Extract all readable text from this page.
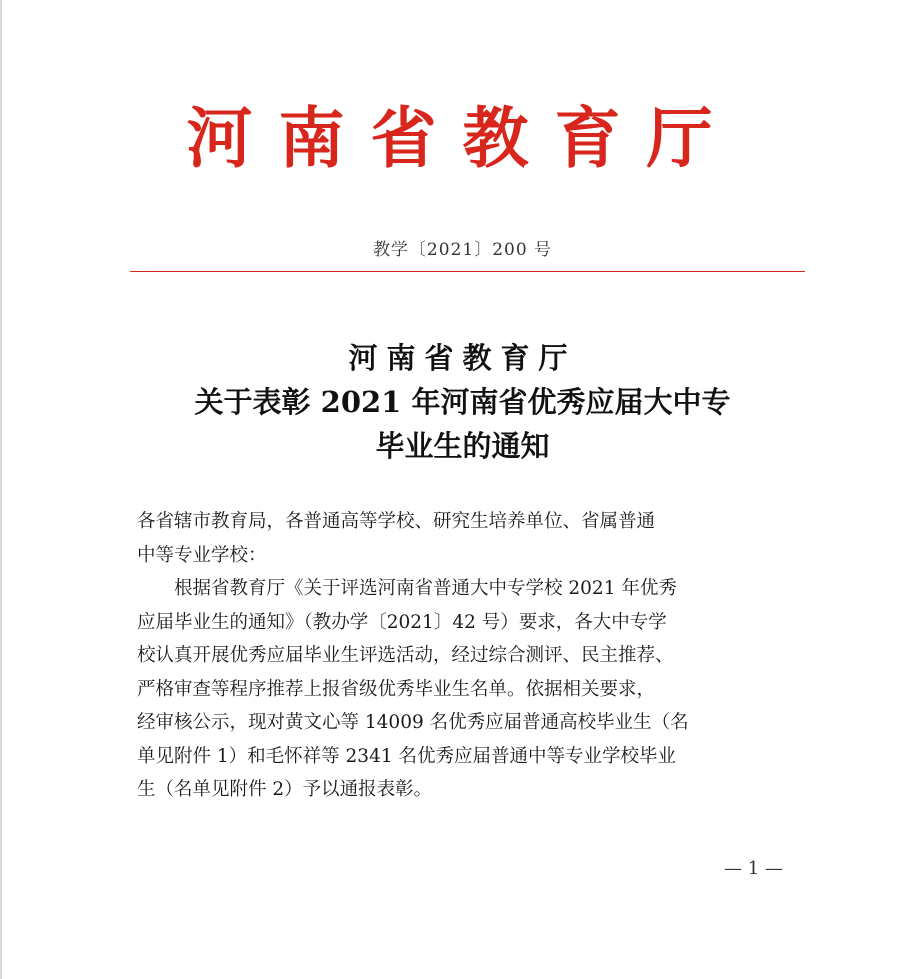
河南省教育厅
教学〔2021〕200 号
河南省教育厅
关于表彰 2021 年河南省优秀应届大中专
毕业生的通知
各省辖市教育局，各普通高等学校、研究生培养单位、省属普通
中等专业学校：
根据省教育厅《关于评选河南省普通大中专学校 2021 年优秀
应届毕业生的通知》（教办学〔2021〕42 号）要求，各大中专学
校认真开展优秀应届毕业生评选活动，经过综合测评、民主推荐、
严格审查等程序推荐上报省级优秀毕业生名单。依据相关要求，
经审核公示，现对黄文心等 14009 名优秀应届普通高校毕业生（名
单见附件 1）和毛怀祥等 2341 名优秀应届普通中等专业学校毕业
生（名单见附件 2）予以通报表彰。
— 1 —
